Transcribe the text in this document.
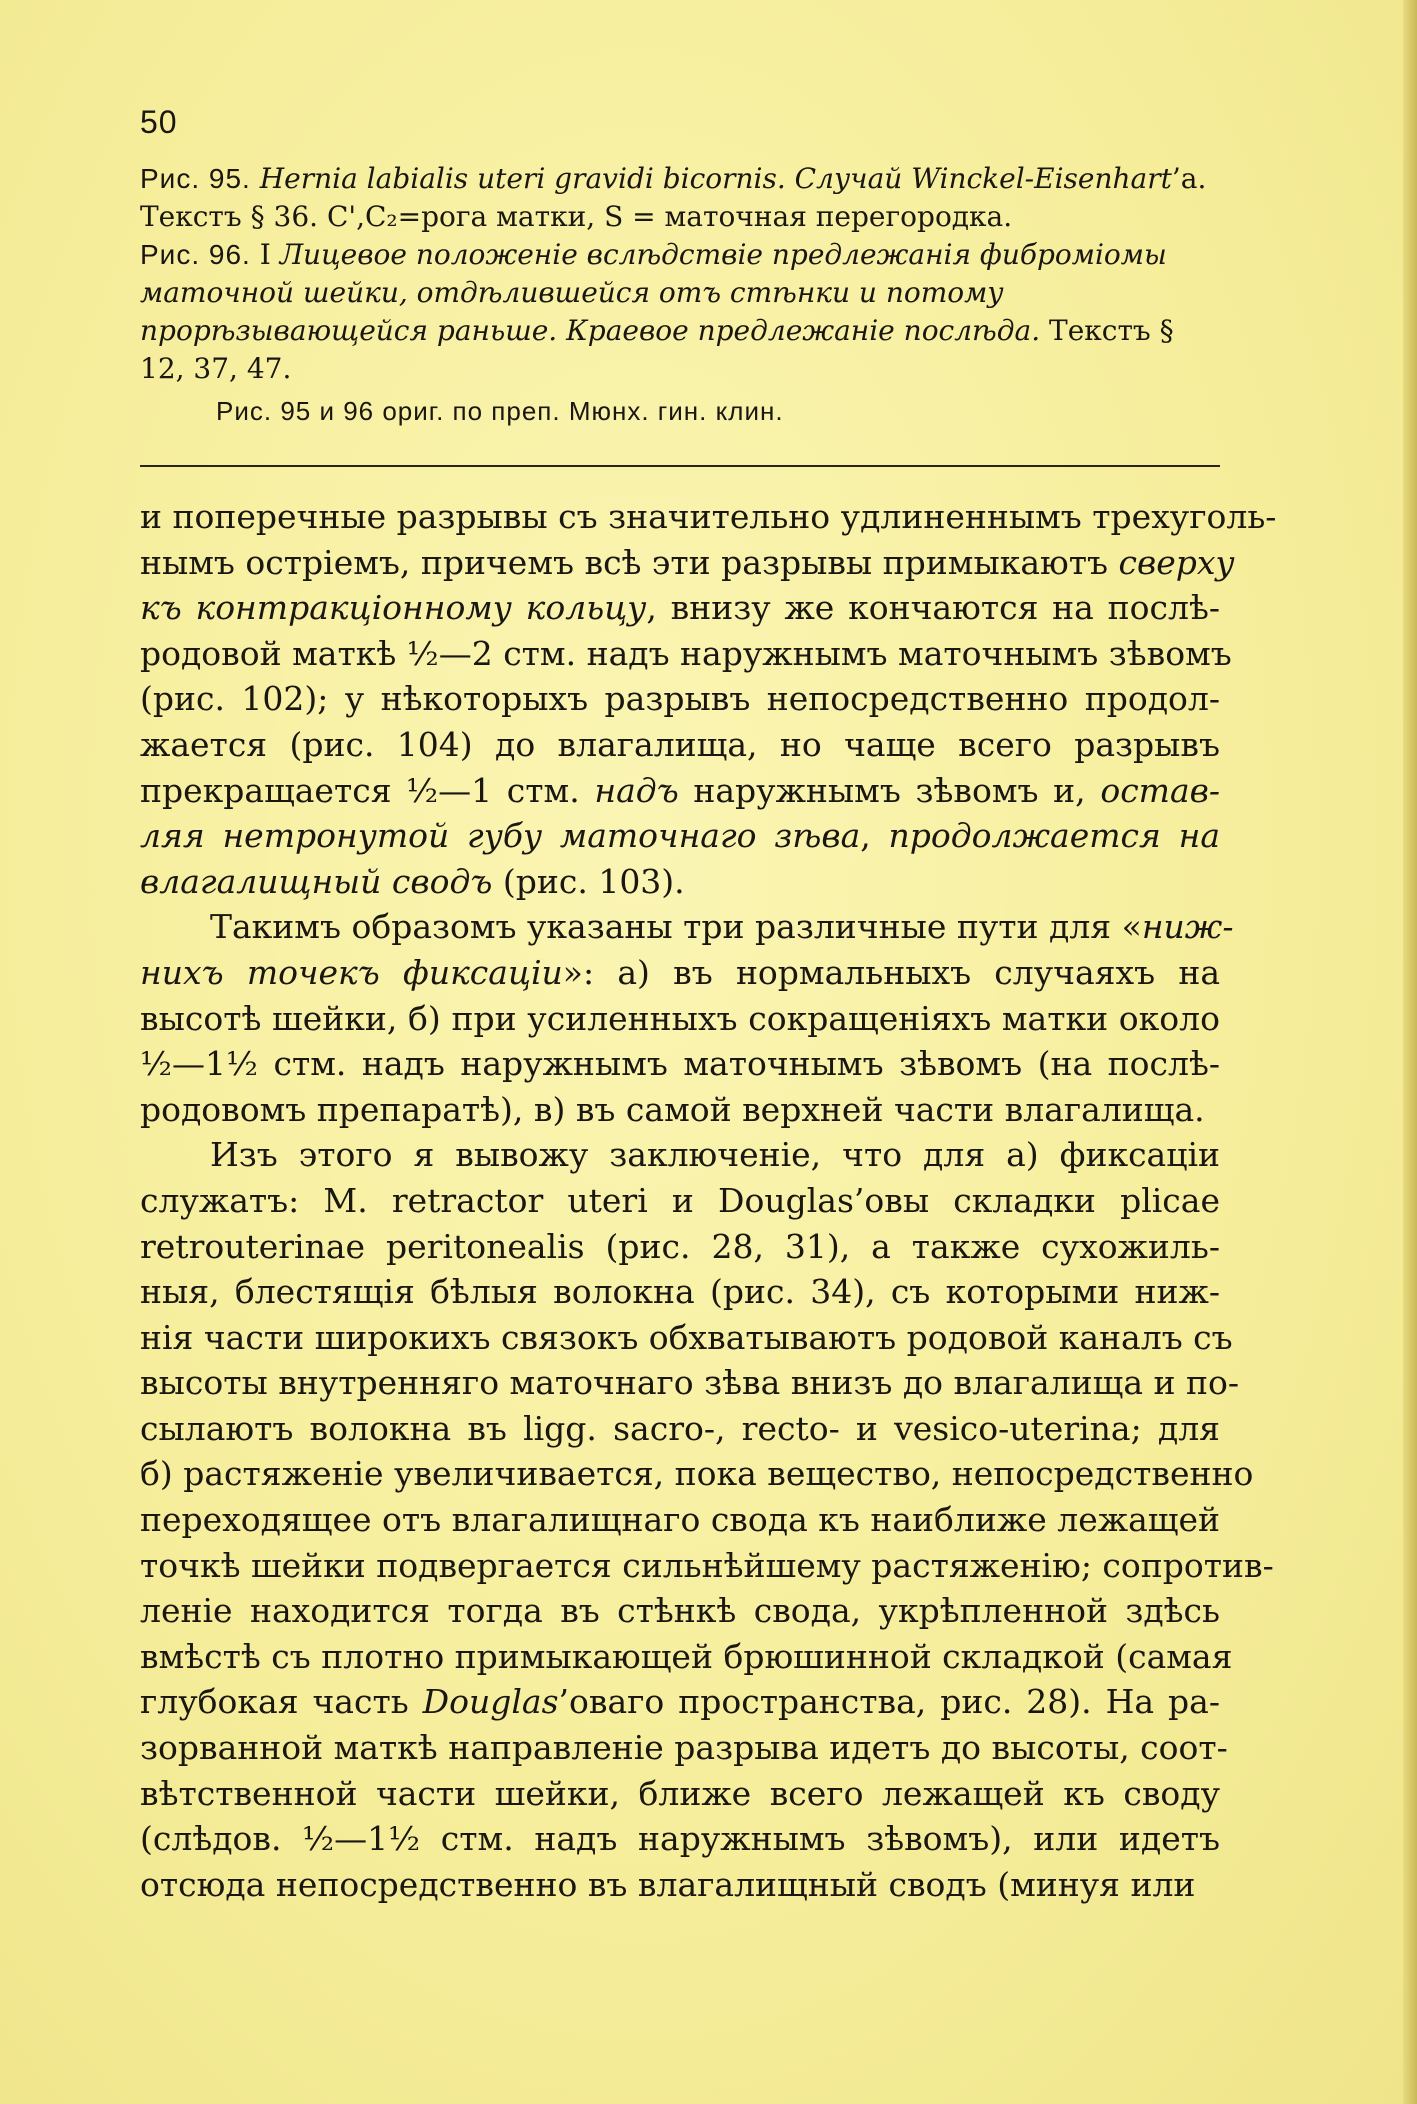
50

Рис. 95. Hernia labialis uteri gravidi bicornis. Случай Winckel-Eisenhart’а. Текстъ § 36. C',C₂=рога матки, S = маточная перегородка.

Рис. 96. I Лицевое положеніе вслѣдствіе предлежанія фиброміомы маточной шейки, отдѣлившейся отъ стѣнки и потому прорѣзывающейся раньше. Краевое предлежаніе послѣда. Текстъ § 12, 37, 47.

Рис. 95 и 96 ориг. по преп. Мюнх. гин. клин.

и поперечные разрывы съ значительно удлиненнымъ трехуголь-
нымъ остріемъ, причемъ всѣ эти разрывы примыкаютъ сверху
къ контракціонному кольцу, внизу же кончаются на послѣ-
родовой маткѣ ½—2 стм. надъ наружнымъ маточнымъ зѣвомъ
(рис. 102); у нѣкоторыхъ разрывъ непосредственно продол-
жается (рис. 104) до влагалища, но чаще всего разрывъ
прекращается ½—1 стм. надъ наружнымъ зѣвомъ и, остав-
ляя нетронутой губу маточнаго зѣва, продолжается на
влагалищный сводъ (рис. 103).

Такимъ образомъ указаны три различные пути для «ниж-
нихъ точекъ фиксаціи»: а) въ нормальныхъ случаяхъ на
высотѣ шейки, б) при усиленныхъ сокращеніяхъ матки около
½—1½ стм. надъ наружнымъ маточнымъ зѣвомъ (на послѣ-
родовомъ препаратѣ), в) въ самой верхней части влагалища.

Изъ этого я вывожу заключеніе, что для а) фиксаціи
служатъ: M. retractor uteri и Douglas’овы складки plicae
retrouterinae peritonealis (рис. 28, 31), а также сухожиль-
ныя, блестящія бѣлыя волокна (рис. 34), съ которыми ниж-
нія части широкихъ связокъ обхватываютъ родовой каналъ съ
высоты внутренняго маточнаго зѣва внизъ до влагалища и по-
сылаютъ волокна въ ligg. sacro-, recto- и vesico-uterina; для
б) растяженіе увеличивается, пока вещество, непосредственно
переходящее отъ влагалищнаго свода къ наиближе лежащей
точкѣ шейки подвергается сильнѣйшему растяженію; сопротив-
леніе находится тогда въ стѣнкѣ свода, укрѣпленной здѣсь
вмѣстѣ съ плотно примыкающей брюшинной складкой (самая
глубокая часть Douglas’оваго пространства, рис. 28). На ра-
зорванной маткѣ направленіе разрыва идетъ до высоты, соот-
вѣтственной части шейки, ближе всего лежащей къ своду
(слѣдов. ½—1½ стм. надъ наружнымъ зѣвомъ), или идетъ
отсюда непосредственно въ влагалищный сводъ (минуя или
